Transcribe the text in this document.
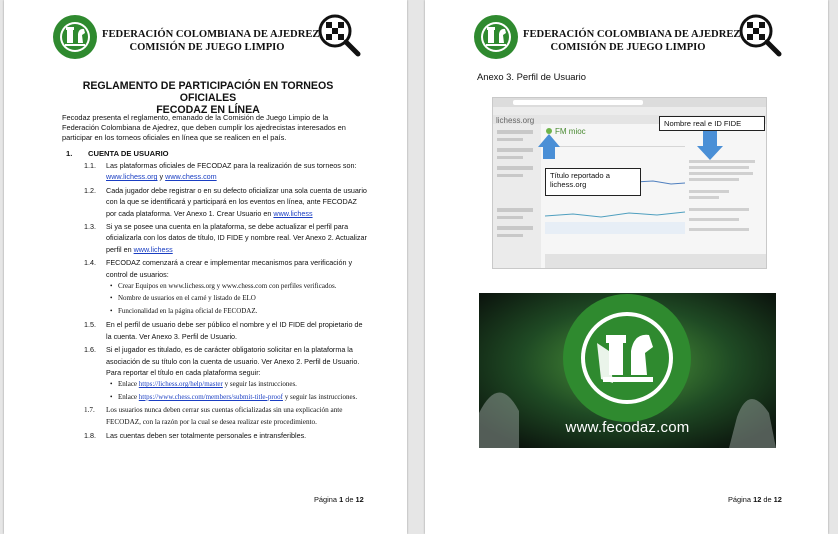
FEDERACIÓN COLOMBIANA DE AJEDREZ
COMISIÓN DE JUEGO LIMPIO
REGLAMENTO DE PARTICIPACIÓN EN TORNEOS OFICIALES
FECODAZ EN LÍNEA
Fecodaz presenta el reglamento, emanado de la Comisión de Juego Limpio de la Federación Colombiana de Ajedrez, que deben cumplir los ajedrecistas interesados en participar en los torneos oficiales en línea que se realicen en el país.
1. CUENTA DE USUARIO
1.1. Las plataformas oficiales de FECODAZ para la realización de sus torneos son:
www.lichess.org y www.chess.com
1.2. Cada jugador debe registrar o en su defecto oficializar una sola cuenta de usuario con la que se identificará y participará en los eventos en línea, ante FECODAZ por cada plataforma. Ver Anexo 1. Crear Usuario en www.lichess
1.3. Si ya se posee una cuenta en la plataforma, se debe actualizar el perfil para oficializarla con los datos de título, ID FIDE y nombre real. Ver Anexo 2. Actualizar perfil en www.lichess
1.4. FECODAZ comenzará a crear e implementar mecanismos para verificación y control de usuarios:
• Crear Equipos en www.lichess.org y www.chess.com con perfiles verificados.
• Nombre de usuarios en el carné y listado de ELO
• Funcionalidad en la página oficial de FECODAZ.
1.5. En el perfil de usuario debe ser público el nombre y el ID FIDE del propietario de la cuenta. Ver Anexo 3. Perfil de Usuario.
1.6. Si el jugador es titulado, es de carácter obligatorio solicitar en la plataforma la asociación de su título con la cuenta de usuario. Ver Anexo 2. Perfil de Usuario. Para reportar el título en cada plataforma seguir:
• Enlace https://lichess.org/help/master y seguir las instrucciones.
• Enlace https://www.chess.com/members/submit-title-proof y seguir las instrucciones.
1.7. Los usuarios nunca deben cerrar sus cuentas oficializadas sin una explicación ante FECODAZ, con la razón por la cual se desea realizar este procedimiento.
1.8. Las cuentas deben ser totalmente personales e intransferibles.
Página 1 de 12
FEDERACIÓN COLOMBIANA DE AJEDREZ
COMISIÓN DE JUEGO LIMPIO
Anexo 3. Perfil de Usuario
lichess.org
FM mioc
Nombre real e ID FIDE
Título reportado a lichess.org
www.fecodaz.com
Página 12 de 12
